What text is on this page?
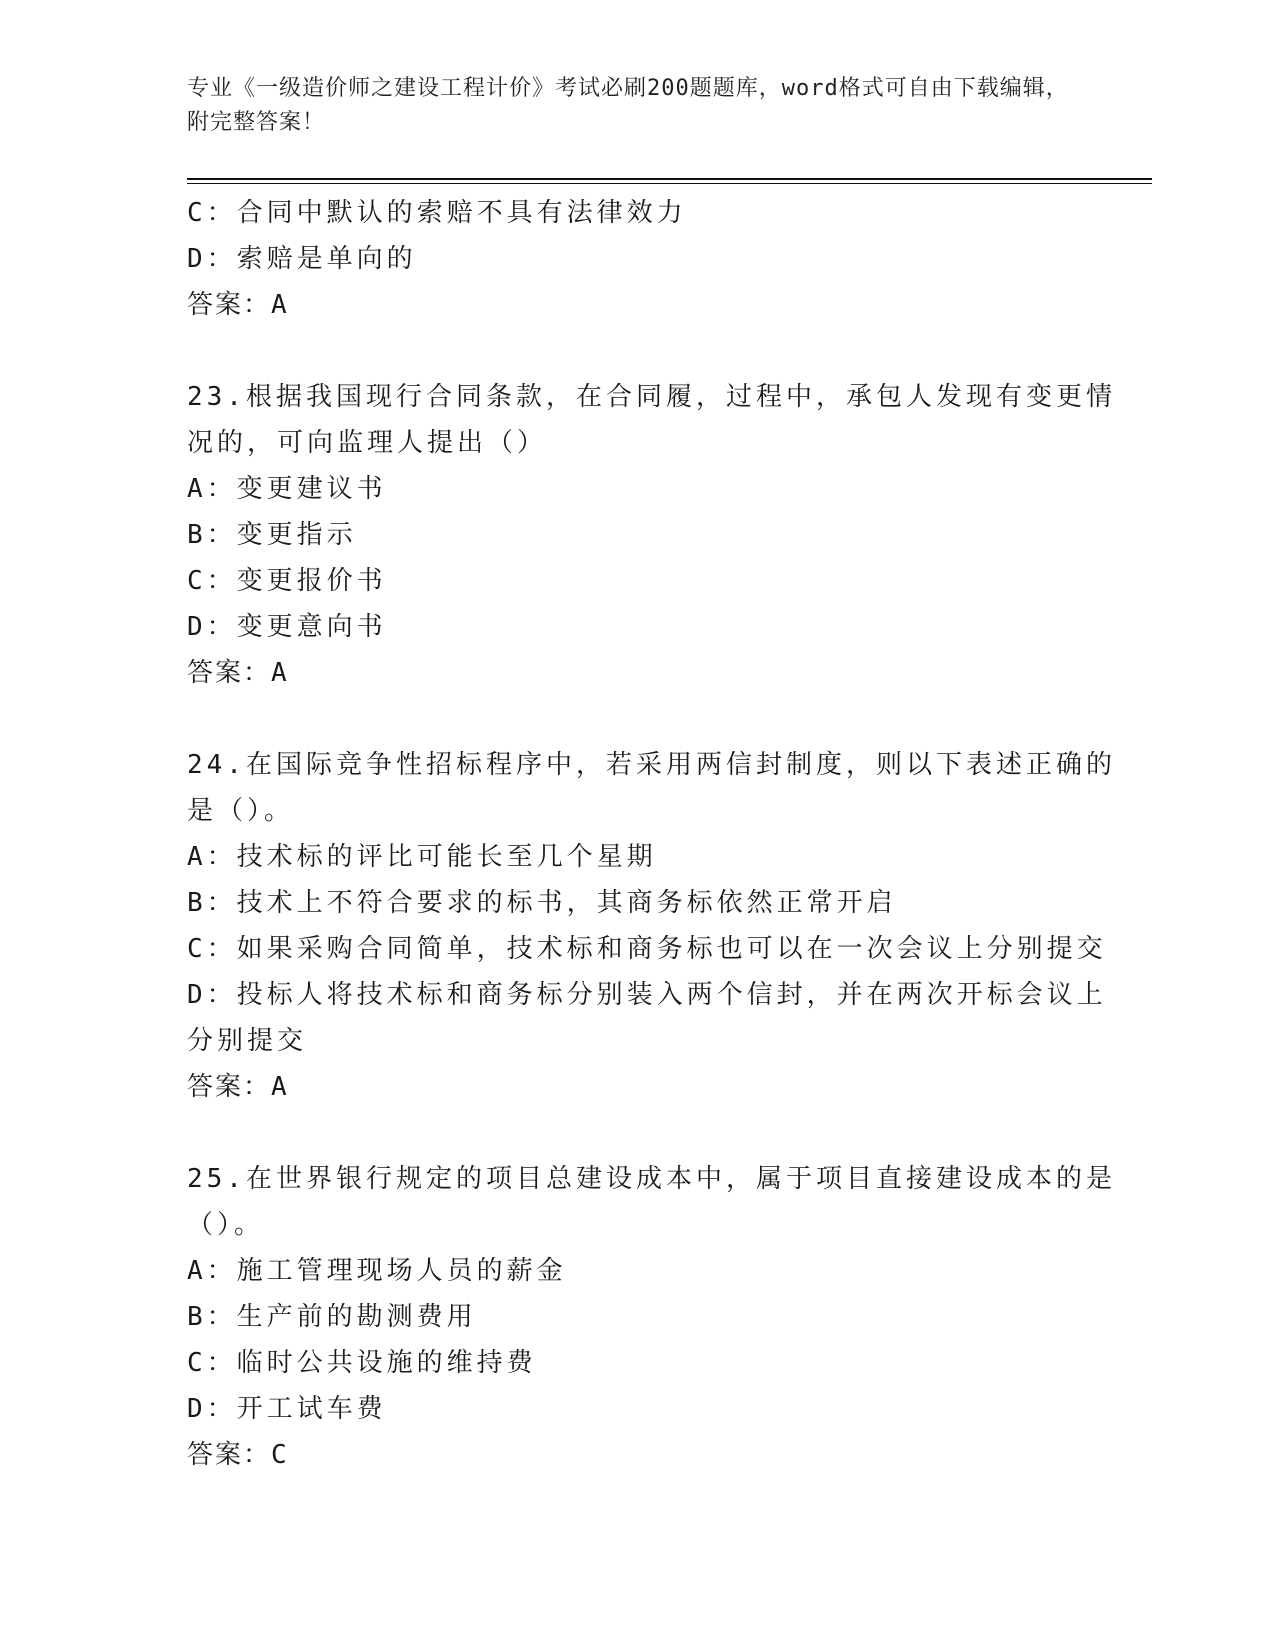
专业《一级造价师之建设工程计价》考试必刷200题题库，word格式可自由下载编辑，附完整答案！
C：合同中默认的索赔不具有法律效力
D：索赔是单向的
答案：A
23.根据我国现行合同条款，在合同履，过程中，承包人发现有变更情
况的，可向监理人提出（）
A：变更建议书
B：变更指示
C：变更报价书
D：变更意向书
答案：A
24.在国际竞争性招标程序中，若采用两信封制度，则以下表述正确的
是（）。
A：技术标的评比可能长至几个星期
B：技术上不符合要求的标书，其商务标依然正常开启
C：如果采购合同简单，技术标和商务标也可以在一次会议上分别提交
D：投标人将技术标和商务标分别装入两个信封，并在两次开标会议上
分别提交
答案：A
25.在世界银行规定的项目总建设成本中，属于项目直接建设成本的是
（）。
A：施工管理现场人员的薪金
B：生产前的勘测费用
C：临时公共设施的维持费
D：开工试车费
答案：C
